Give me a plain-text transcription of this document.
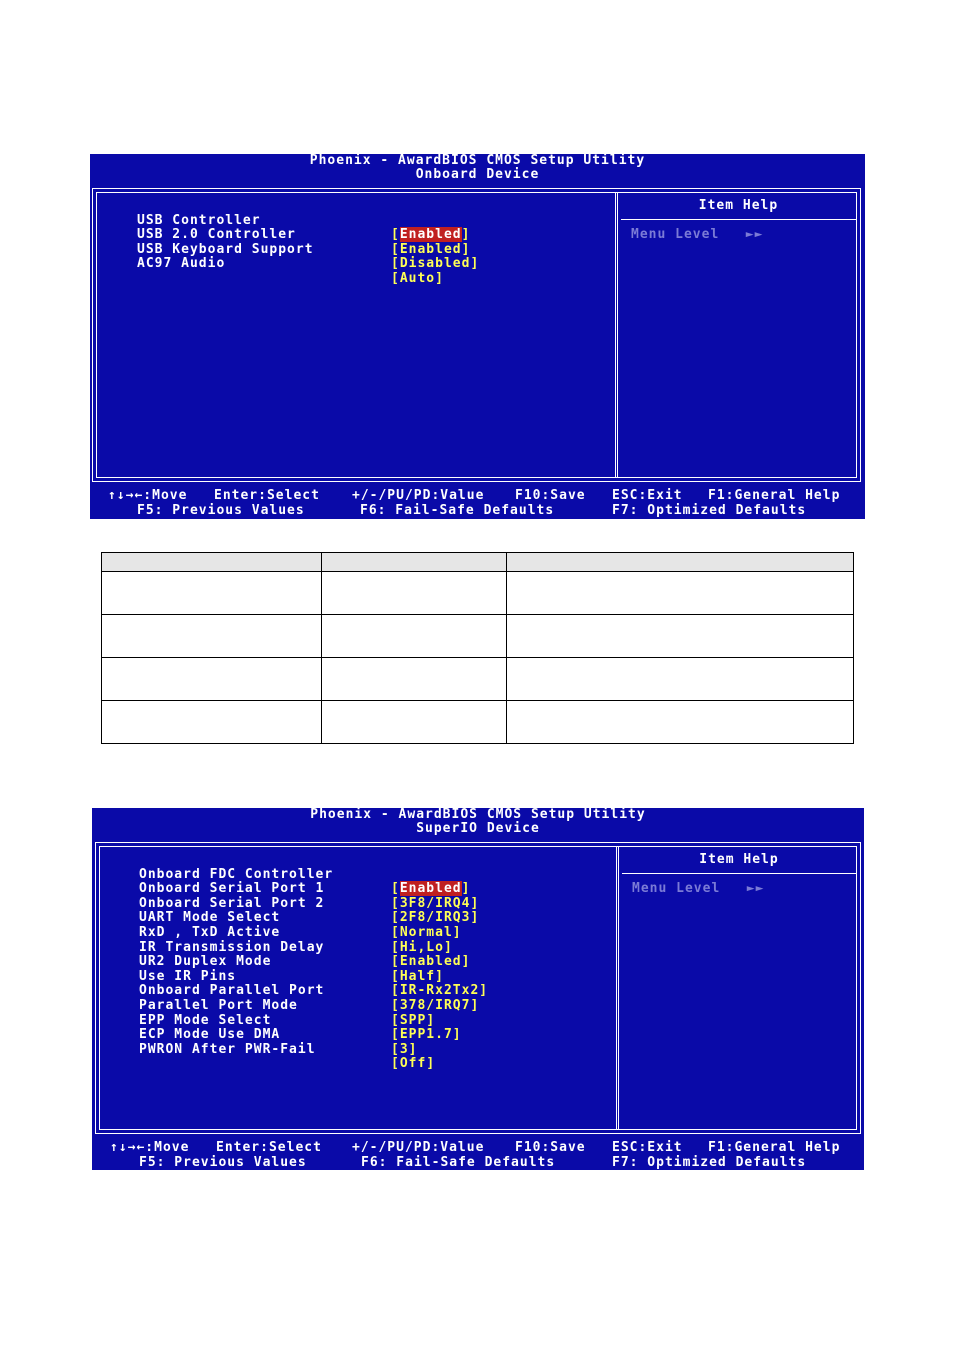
Phoenix - AwardBIOS CMOS Setup Utility
Onboard Device
Item Help
Menu Level   ►►

USB Controller

[Enabled]

USB 2.0 Controller

[Enabled]

USB Keyboard Support

[Disabled]

AC97 Audio

[Auto]

↑↓→←:Move

Enter:Select

+/-/PU/PD:Value

F10:Save

ESC:Exit

F1:General Help

F5: Previous Values

	F6: Fail-Safe Defaults

	F7: Optimized Defaults

Phoenix - AwardBIOS CMOS Setup Utility
SuperIO Device
Item Help
Menu Level   ►►

Onboard FDC Controller

[Enabled]

Onboard Serial Port 1

[3F8/IRQ4]

Onboard Serial Port 2

[2F8/IRQ3]

UART Mode Select

[Normal]

RxD , TxD Active

[Hi,Lo]

IR Transmission Delay

[Enabled]

UR2 Duplex Mode

[Half]

Use IR Pins

[IR-Rx2Tx2]

Onboard Parallel Port

[378/IRQ7]

Parallel Port Mode

[SPP]

EPP Mode Select

[EPP1.7]

ECP Mode Use DMA

[3]

PWRON After PWR-Fail

[Off]

↑↓→←:Move

Enter:Select

+/-/PU/PD:Value

F10:Save

ESC:Exit

F1:General Help

F5: Previous Values

	F6: Fail-Safe Defaults

	F7: Optimized Defaults
